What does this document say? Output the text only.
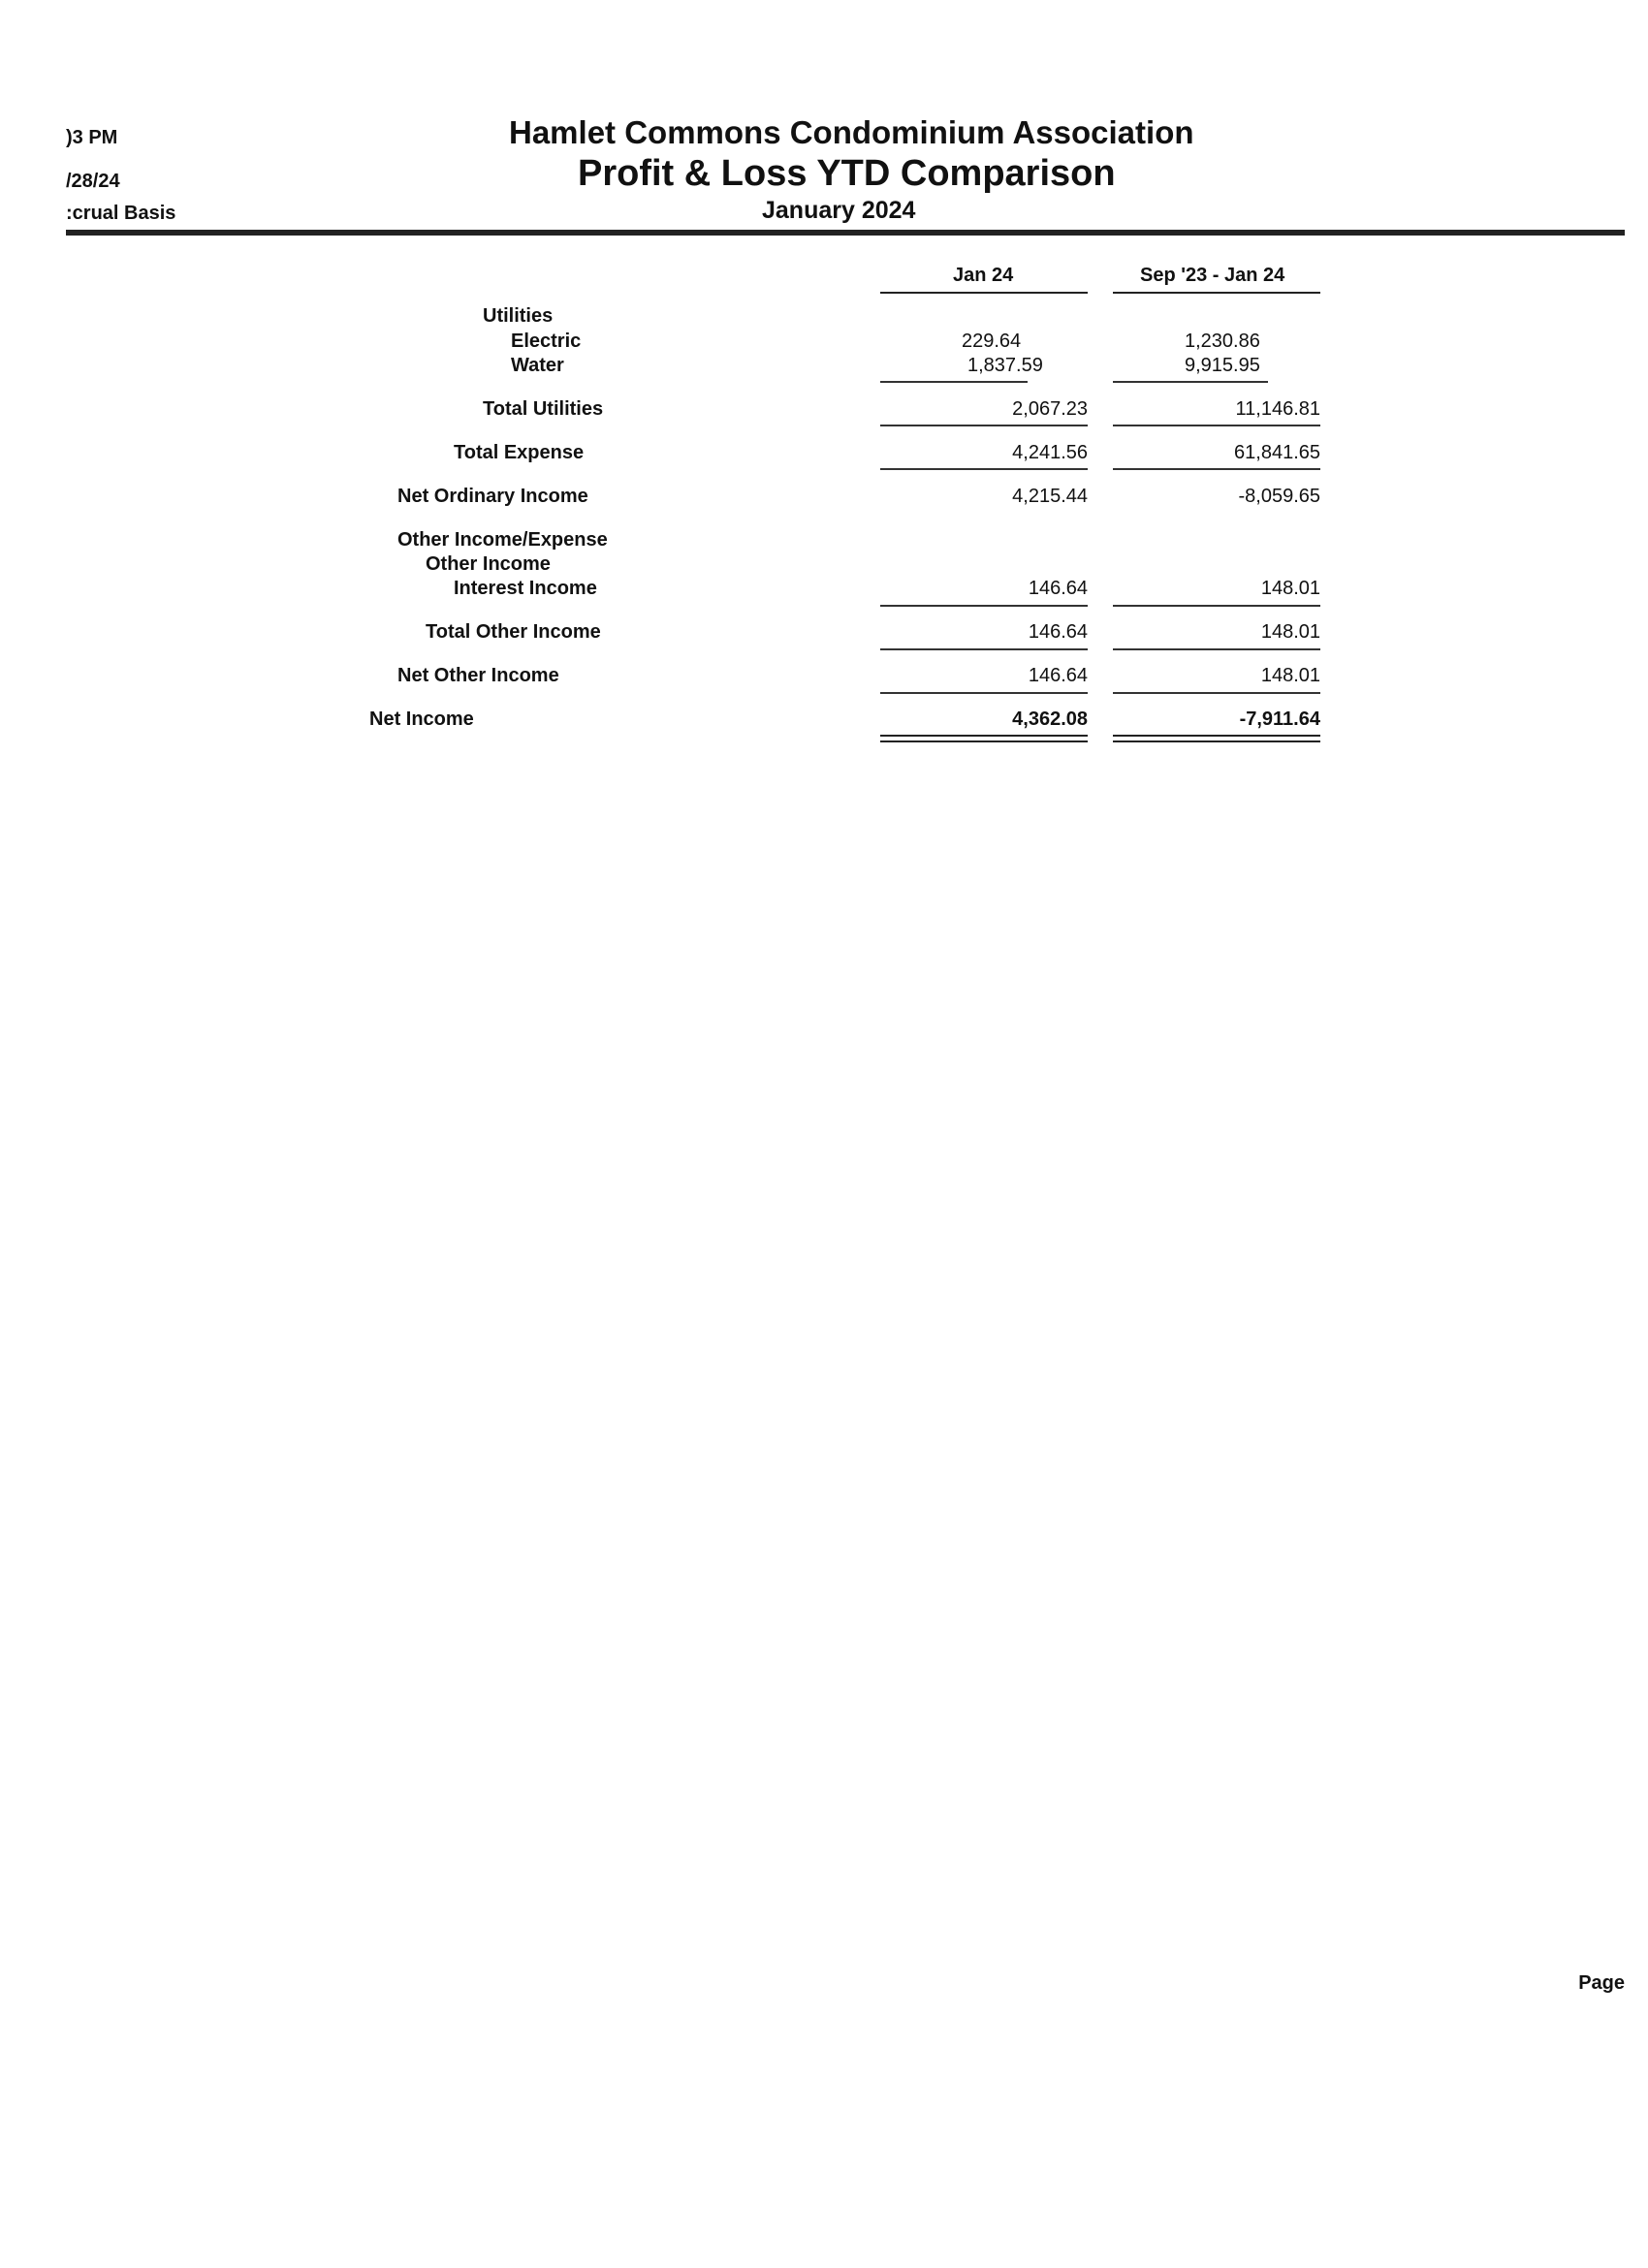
)3 PM
/28/24
:crual Basis
Hamlet Commons Condominium Association
Profit & Loss YTD Comparison
January 2024
Jan 24	Sep '23 - Jan 24
Utilities
Electric	229.64	1,230.86
Water	1,837.59	9,915.95
Total Utilities	2,067.23	11,146.81
Total Expense	4,241.56	61,841.65
Net Ordinary Income	4,215.44	-8,059.65
Other Income/Expense
Other Income
Interest Income	146.64	148.01
Total Other Income	146.64	148.01
Net Other Income	146.64	148.01
Net Income	4,362.08	-7,911.64
Page
